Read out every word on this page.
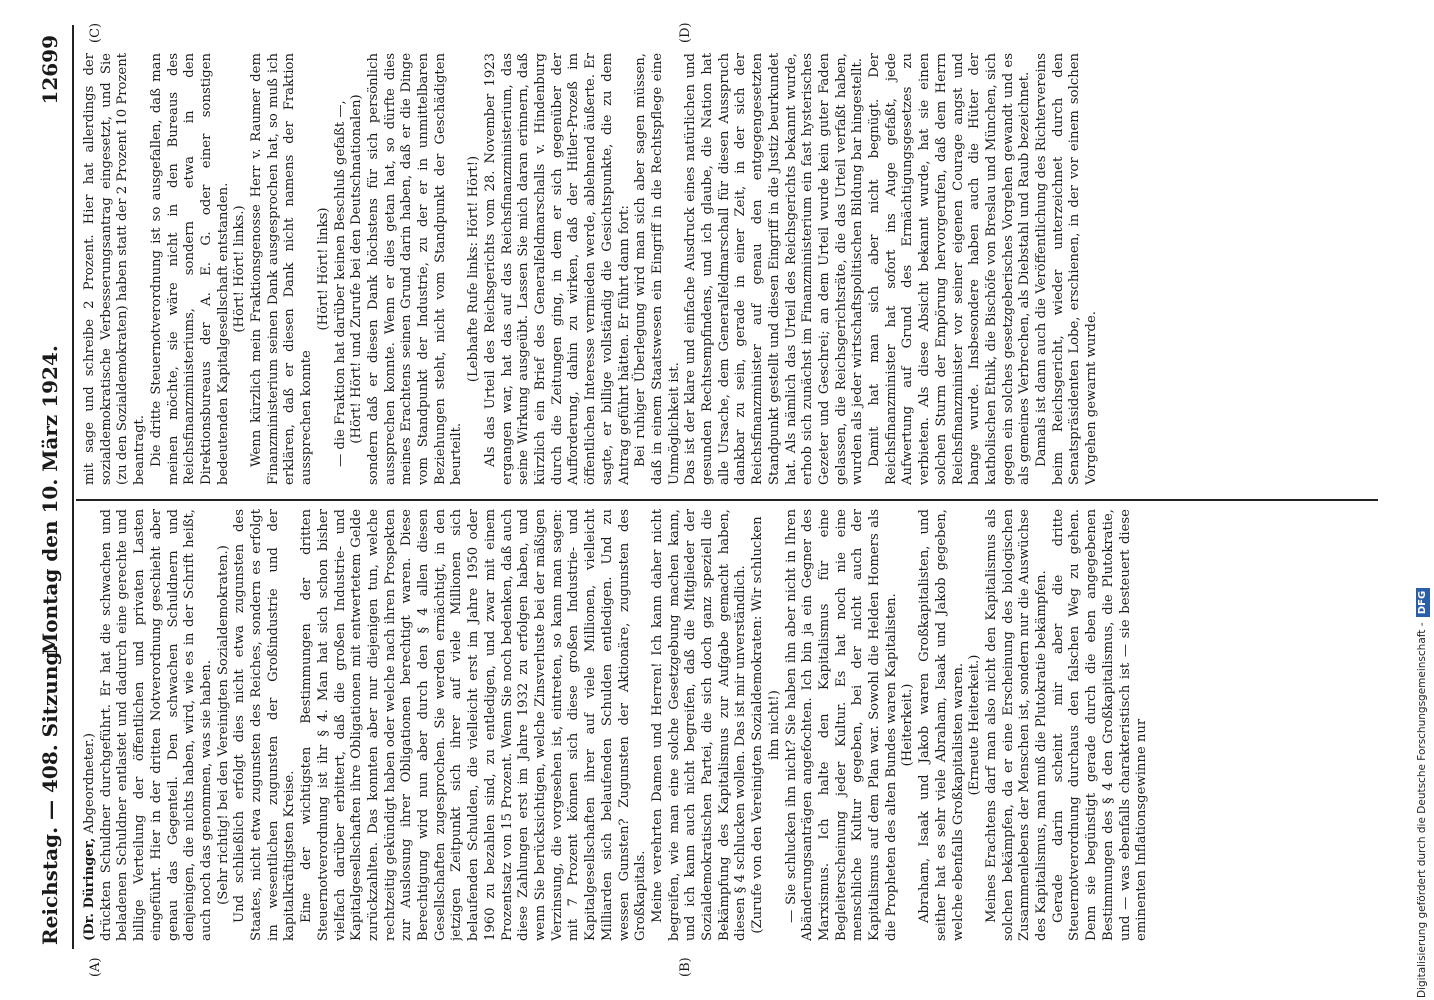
Reichstag. — 408. Sitzung.
Montag den 10. März 1924.
12699
(A)	(B)
(C)	(D)

(Dr. Düringer, Abgeordneter.) drückten Schuldner durchgeführt. Er hat die schwachen und beladenen Schuldner entlastet und dadurch eine gerechte und billige Verteilung der öffentlichen und privaten Lasten eingeführt. Hier in der dritten Notverordnung geschieht aber genau das Gegenteil. Den schwachen Schuldnern und denjenigen, die nichts haben, wird, wie es in der Schrift heißt, auch noch das genommen, was sie haben. (Sehr richtig! bei den Vereinigten Sozialdemokraten.) Und schließlich erfolgt dies nicht etwa zugunsten des Staates, nicht etwa zugunsten des Reiches, sondern es erfolgt im wesentlichen zugunsten der Großindustrie und der kapitalkräftigsten Kreise. Eine der wichtigsten Bestimmungen der dritten Steuernotverordnung ist ihr § 4. Man hat sich schon bisher vielfach darüber erbittert, daß die großen Industrie- und Kapitalgesellschaften ihre Obligationen mit entwertetem Gelde zurückzahlten. Das konnten aber nur diejenigen tun, welche rechtzeitig gekündigt haben oder welche nach ihren Prospekten zur Auslosung ihrer Obligationen berechtigt waren. Diese Berechtigung wird nun aber durch den § 4 allen diesen Gesellschaften zugesprochen. Sie werden ermächtigt, in den jetzigen Zeitpunkt sich ihrer auf viele Millionen sich belaufenden Schulden, die vielleicht erst im Jahre 1950 oder 1960 zu bezahlen sind, zu entledigen, und zwar mit einem Prozentsatz von 15 Prozent. Wenn Sie noch bedenken, daß auch diese Zahlungen erst im Jahre 1932 zu erfolgen haben, und wenn Sie berücksichtigen, welche Zinsverluste bei der mäßigen Verzinsung, die vorgesehen ist, eintreten, so kann man sagen: mit 7 Prozent können sich diese großen Industrie- und Kapitalgesellschaften ihrer auf viele Millionen, vielleicht Milliarden sich belaufenden Schulden entledigen. Und zu wessen Gunsten? Zugunsten der Aktionäre, zugunsten des Großkapitals. Meine verehrten Damen und Herren! Ich kann daher nicht begreifen, wie man eine solche Gesetzgebung machen kann, und ich kann auch nicht begreifen, daß die Mitglieder der Sozialdemokratischen Partei, die sich doch ganz speziell die Bekämpfung des Kapitalismus zur Aufgabe gemacht haben, diesen § 4 schlucken wollen. Das ist mir unverständlich. (Zurufe von den Vereinigten Sozialdemokraten: Wir schlucken ihn nicht!) — Sie schlucken ihn nicht? Sie haben ihn aber nicht in Ihren Abänderungsanträgen angefochten. Ich bin ja ein Gegner des Marxismus. Ich halte den Kapitalismus für eine Begleiterscheinung jeder Kultur. Es hat noch nie eine menschliche Kultur gegeben, bei der nicht auch der Kapitalismus auf dem Plan war. Sowohl die Helden Homers als die Propheten des alten Bundes waren Kapitalisten. (Heiterkeit.) Abraham, Isaak und Jakob waren Großkapitalisten, und seither hat es sehr viele Abraham, Isaak und Jakob gegeben, welche ebenfalls Großkapitalisten waren. (Erneute Heiterkeit.) Meines Erachtens darf man also nicht den Kapitalismus als solchen bekämpfen, da er eine Erscheinung des biologischen Zusammenlebens der Menschen ist, sondern nur die Auswüchse des Kapitalismus, man muß die Plutokratie bekämpfen. Gerade darin scheint mir aber die dritte Steuernotverordnung durchaus den falschen Weg zu gehen. Denn sie begünstigt gerade durch die eben angegebenen Bestimmungen des § 4 den Großkapitalismus, die Plutokratie, und — was ebenfalls charakteristisch ist — sie besteuert diese eminenten Inflationsgewinne nur

mit sage und schreibe 2 Prozent. Hier hat allerdings der sozialdemokratische Verbesserungsantrag eingesetzt, und Sie (zu den Sozialdemokraten) haben statt der 2 Prozent 10 Prozent beantragt. Die dritte Steuernotverordnung ist so ausgefallen, daß man meinen möchte, sie wäre nicht in den Bureaus des Reichsfinanzministeriums, sondern etwa in den Direktionsbureaus der A. E. G. oder einer sonstigen bedeutenden Kapitalgesellschaft entstanden. (Hört! Hört! links.) Wenn kürzlich mein Fraktionsgenosse Herr v. Raumer dem Finanzministerium seinen Dank ausgesprochen hat, so muß ich erklären, daß er diesen Dank nicht namens der Fraktion aussprechen konnte

(Hört! Hört! links) — die Fraktion hat darüber keinen Beschluß gefaßt —, (Hört! Hört! und Zurufe bei den Deutschnationalen) sondern daß er diesen Dank höchstens für sich persönlich aussprechen konnte. Wenn er dies getan hat, so dürfte dies meines Erachtens seinen Grund darin haben, daß er die Dinge vom Standpunkt der Industrie, zu der er in unmittelbaren Beziehungen steht, nicht vom Standpunkt der Geschädigten beurteilt.

(Lebhafte Rufe links: Hört! Hört!) Als das Urteil des Reichsgerichts vom 28. November 1923 ergangen war, hat das auf das Reichsfinanzministerium, das seine Wirkung ausgeübt. Lassen Sie mich daran erinnern, daß kürzlich ein Brief des Generalfeldmarschalls v. Hindenburg durch die Zeitungen ging, in dem er sich gegenüber der Aufforderung, dahin zu wirken, daß der Hitler-Prozeß im öffentlichen Interesse vermieden werde, ablehnend äußerte. Er sagte, er billige vollständig die Gesichtspunkte, die zu dem Antrag geführt hätten. Er führt dann fort: Bei ruhiger Überlegung wird man sich aber sagen müssen, daß in einem Staatswesen ein Eingriff in die Rechtspflege eine Unmöglichkeit ist. Das ist der klare und einfache Ausdruck eines natürlichen und gesunden Rechtsempfindens, und ich glaube, die Nation hat alle Ursache, dem Generalfeldmarschall für diesen Ausspruch dankbar zu sein, gerade in einer Zeit, in der sich der Reichsfinanzminister auf genau den entgegengesetzten Standpunkt gestellt und diesen Eingriff in die Justiz beurkundet hat. Als nämlich das Urteil des Reichsgerichts bekannt wurde, erhob sich zunächst im Finanzministerium ein fast hysterisches Gezeter und Geschrei; an dem Urteil wurde kein guter Faden gelassen, die Reichsgerichtsräte, die das Urteil verfaßt haben, wurden als jeder wirtschaftspolitischen Bildung bar hingestellt. Damit hat man sich aber nicht begnügt. Der Reichsfinanzminister hat sofort ins Auge gefaßt, jede Aufwertung auf Grund des Ermächtigungsgesetzes zu verbieten. Als diese Absicht bekannt wurde, hat sie einen solchen Sturm der Empörung hervorgerufen, daß dem Herrn Reichsfinanzminister vor seiner eigenen Courage angst und bange wurde. Insbesondere haben auch die Hüter der katholischen Ethik, die Bischöfe von Breslau und München, sich gegen ein solches gesetzgeberisches Vorgehen gewandt und es als gemeines Verbrechen, als Diebstahl und Raub bezeichnet. Damals ist dann auch die Veröffentlichung des Richtervereins beim Reichsgericht, wieder unterzeichnet durch den Senatspräsidenten Lobe, erschienen, in der vor einem solchen Vorgehen gewarnt wurde.

Digitalisierung gefördert durch die Deutsche Forschungsgemeinschaft - DFG
